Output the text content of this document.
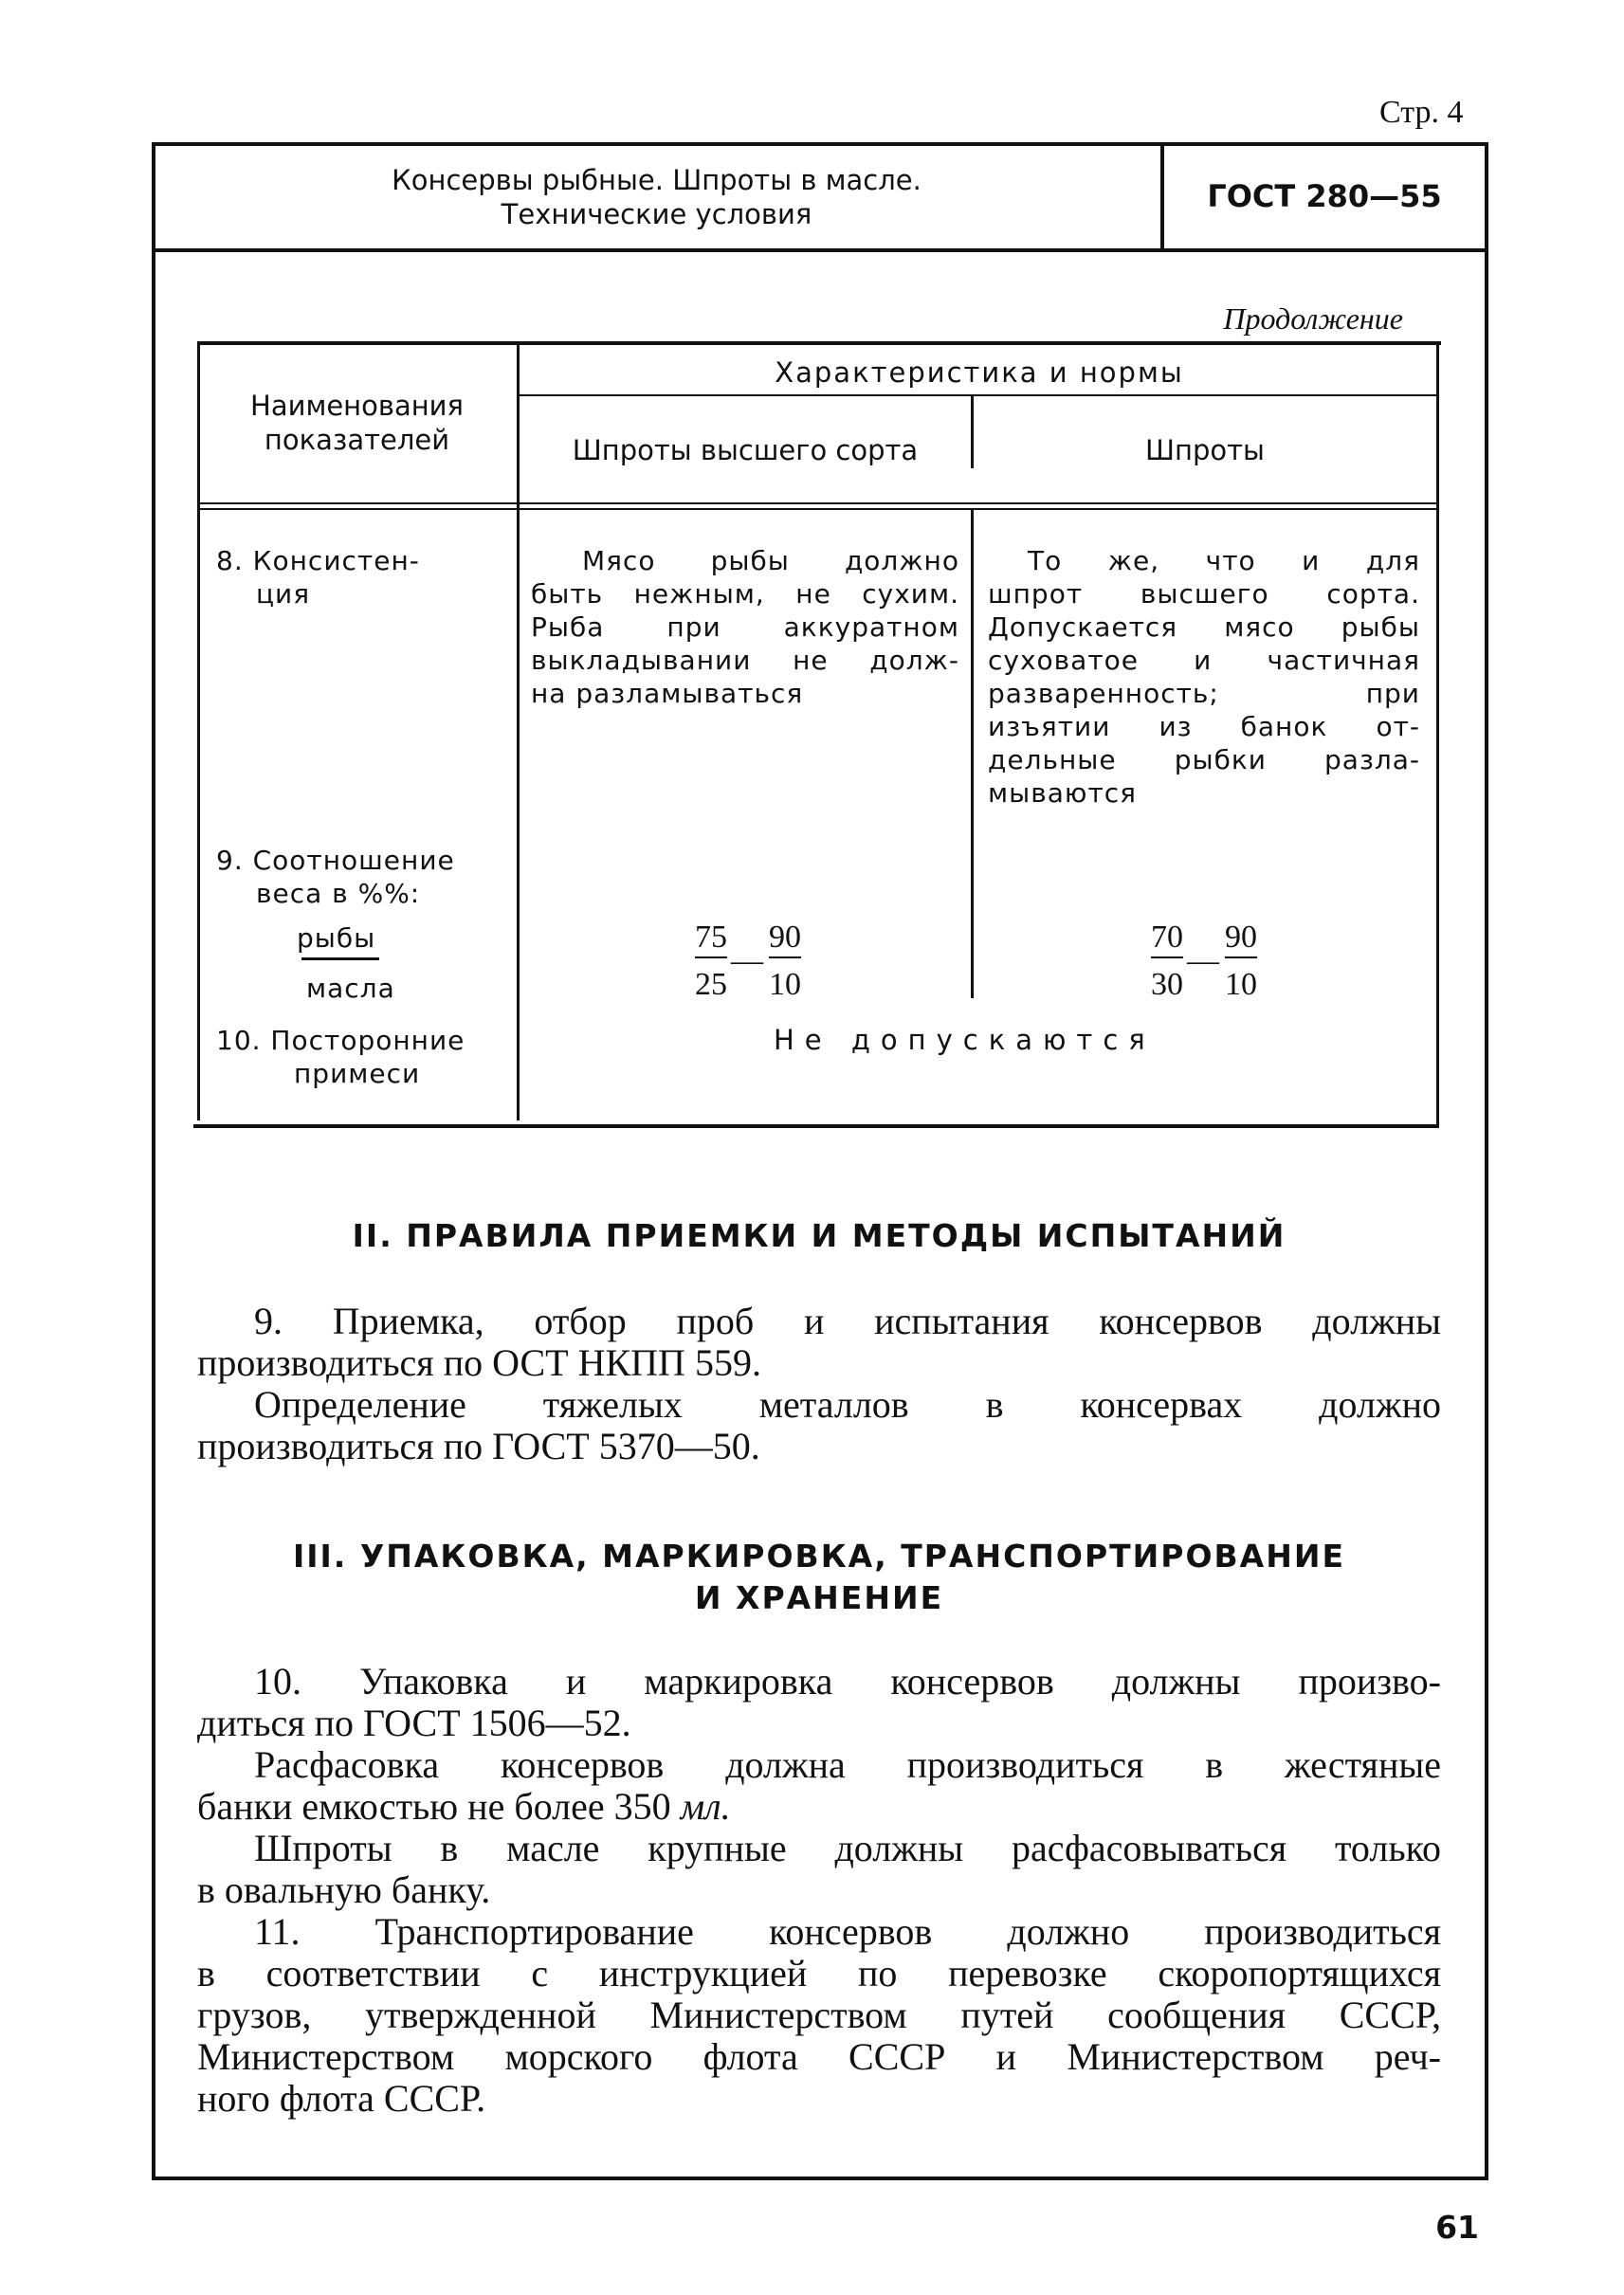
Стр. 4
Консервы рыбные. Шпроты в масле.
Технические условия	ГОСТ 280—55
Продолжение
Наименования
показателей
Характеристика и нормы
Шпроты высшего сорта	Шпроты
8. Консистен-
ция
Мясо рыбы должно
быть нежным, не сухим.
Рыба при аккуратном
выкладывании не долж-
на разламываться
То же, что и для
шпрот высшего сорта.
Допускается мясо рыбы
суховатое и частичная
разваренность; при
изъятии из банок от-
дельные рыбки разла-
мываются
9. Соотношение
веса в %%:
рыбы
масла
75
25
—
90
10
70
30
—
90
10
10. Посторонние
примеси
Не допускаются
II. ПРАВИЛА ПРИЕМКИ И МЕТОДЫ ИСПЫТАНИЙ
9. Приемка, отбор проб и испытания консервов должны
производиться по ОСТ НКПП 559.
Определение тяжелых металлов в консервах должно
производиться по ГОСТ 5370—50.
III. УПАКОВКА, МАРКИРОВКА, ТРАНСПОРТИРОВАНИЕ
И ХРАНЕНИЕ
10. Упаковка и маркировка консервов должны произво-
диться по ГОСТ 1506—52.
Расфасовка консервов должна производиться в жестяные
банки емкостью не более 350 мл.
Шпроты в масле крупные должны расфасовываться только
в овальную банку.
11. Транспортирование консервов должно производиться
в соответствии с инструкцией по перевозке скоропортящихся
грузов, утвержденной Министерством путей сообщения СССР,
Министерством морского флота СССР и Министерством реч-
ного флота СССР.
61
